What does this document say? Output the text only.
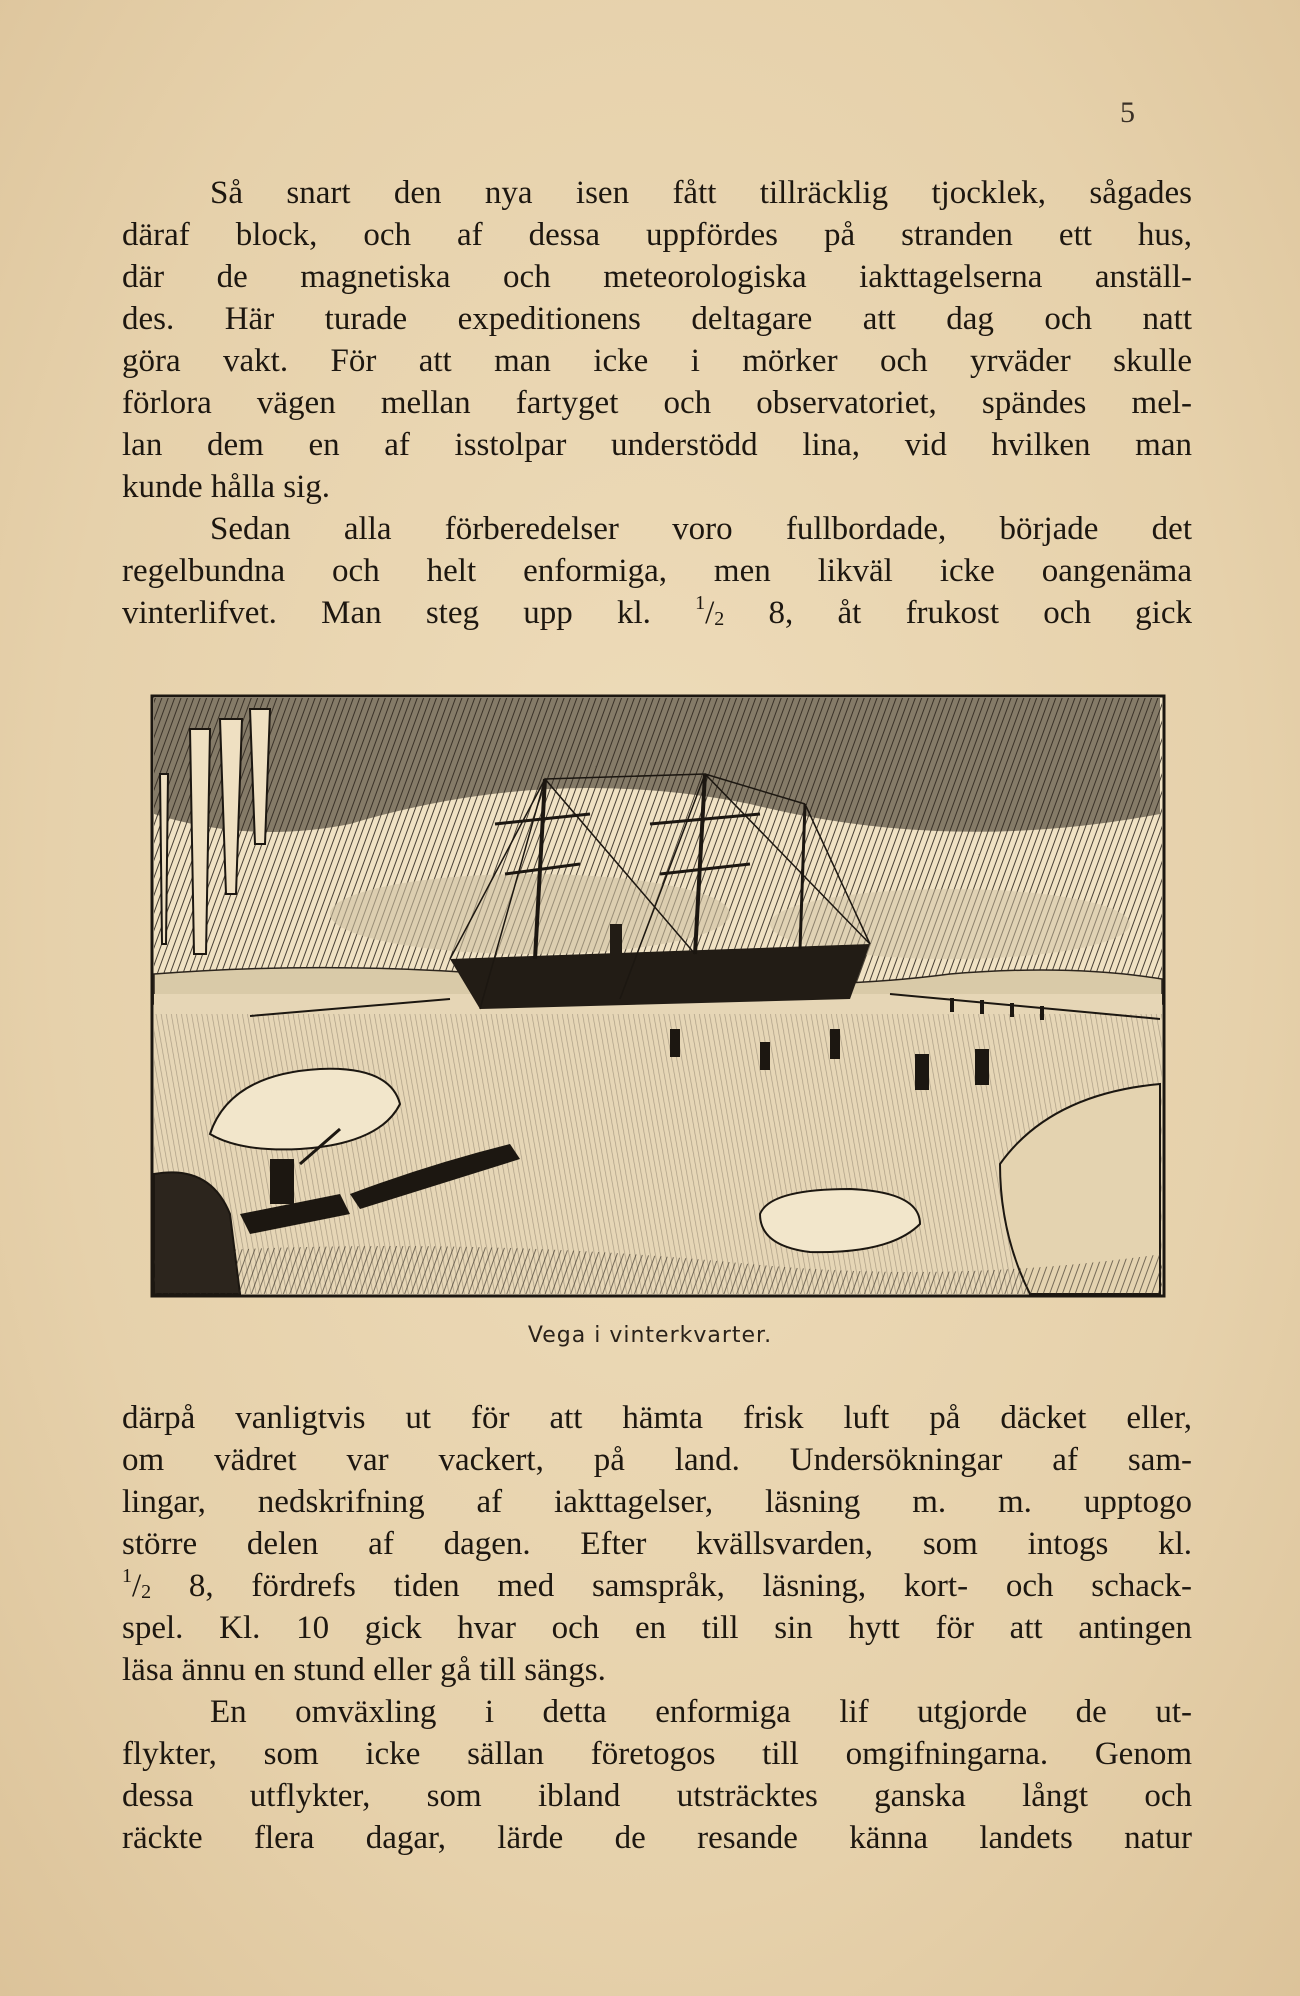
5
Så snart den nya isen fått tillräcklig tjocklek, sågades
däraf block, och af dessa uppfördes på stranden ett hus,
där de magnetiska och meteorologiska iakttagelserna anställ-
des. Här turade expeditionens deltagare att dag och natt
göra vakt. För att man icke i mörker och yrväder skulle
förlora vägen mellan fartyget och observatoriet, spändes mel-
lan dem en af isstolpar understödd lina, vid hvilken man
kunde hålla sig.
Sedan alla förberedelser voro fullbordade, började det
regelbundna och helt enformiga, men likväl icke oangenäma
vinterlifvet. Man steg upp kl. $^1/_2$ 8, åt frukost och gick
Vega i vinterkvarter.
därpå vanligtvis ut för att hämta frisk luft på däcket eller,
om vädret var vackert, på land. Undersökningar af sam-
lingar, nedskrifning af iakttagelser, läsning m. m. upptogo
större delen af dagen. Efter kvällsvarden, som intogs kl.
$^1/_2$ 8, fördrefs tiden med samspråk, läsning, kort- och schack-
spel. Kl. 10 gick hvar och en till sin hytt för att antingen
läsa ännu en stund eller gå till sängs.
En omväxling i detta enformiga lif utgjorde de ut-
flykter, som icke sällan företogos till omgifningarna. Genom
dessa utflykter, som ibland utsträcktes ganska långt och
räckte flera dagar, lärde de resande känna landets natur
